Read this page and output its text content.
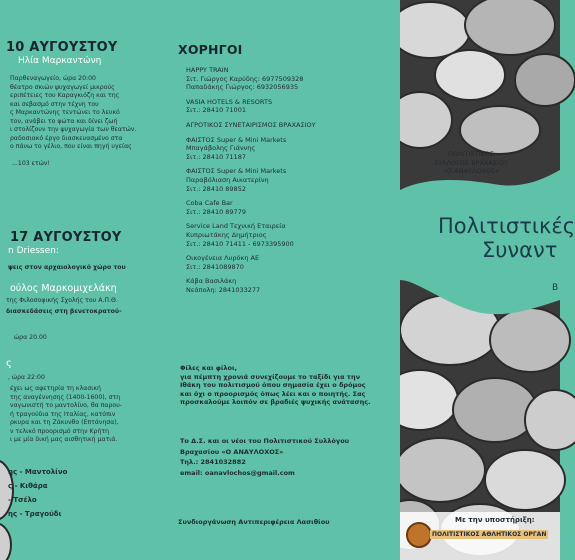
10 ΑΥΓΟΥΣΤΟΥ
Ηλία Μαρκαντώνη
Παρθεναγωγείο, ώρα 20:00
θέατρο σκιών ψυχαγωγεί μικρούς
εριπέτειες του Καραγκιόζη και της
και σεβασμό στην τέχνη του
ς Μαρκαντώνης τεντώνει το λευκό
τον, ανάβει το φώτα και δίνει ζωή
ι στολίζουν την ψυχαγωγία των θεατών.
ραδοσιακό έργο διασκευασμένο στα
ο πάνω το γέλιο, που είναι πηγή υγείας
...103 ετών!
17 ΑΥΓΟΥΣΤΟΥ
n Driessen:
ψεις στον αρχαιολογικό χώρο του
ούλος Μαρκομιχελάκη
της Φιλοσοφικής Σχολής του Α.Π.Θ.
διασκεδάσεις στη βενετοκρατού-
ώρα 20.00
ς
, ώρα 22:00
έχει ως αφετηρία τη κλασική
της αναγέννησης (1400-1600), στη
ναγωνιστή το μαντολίνο, θα παρου-
ή τραγούδια της Ιταλίας, κατόπιν
ρκυρα και τη Ζάκυνθο (Επτάνησα),
ν τελικό προορισμό στην Κρήτη
ι με μία δική μας αισθητική ματιά.
ης - Μαντολίνο
ς - Κιθάρα
- Τσέλο
ης - Τραγούδι
ΧΟΡΗΓΟΙ
HAPPY TRAIN
Σιτ. Γιώργος Καρύδης: 6977509328
Παπαδάκης Γιώργος: 6932056935
VASIA HOTELS & RESORTS
Σιτ.: 28410 71001
ΑΓΡΟΤΙΚΟΣ ΣΥΝΕΤΑΙΡΙΣΜΟΣ ΒΡΑΧΑΣΙΟΥ
ΦΑΙΣΤΟΣ Super & Mini Markets
Μπαγάβολης Γιάννης
Σιτ.: 28410 71187
ΦΑΙΣΤΟΣ Super & Mini Markets
Παραβόλιαση Αικατερίνη
Σιτ.: 28410 89852
Coba Cafe Bar
Σιτ.: 28410 89779
Service Land Τεχνική Εταιρεία
Κυπριωτάκης Δημήτριος
Σιτ.: 28410 71411 - 6973395900
Οικογένεια Λυρόκη ΑΕ
Σιτ.: 2841089870
Κάβα Βασιλάκη
Νεάπολη: 2841033277
Φίλες και φίλοι,
για πέμπτη χρονιά συνεχίζουμε το ταξίδι για την
Ιθάκη του πολιτισμού όπου σημασία έχει ο δρόμος
και όχι ο προορισμός όπως λέει και ο ποιητής. Σας
προσκαλούμε λοιπόν σε βραδιές ψυχικής ανάτασης.
Το Δ.Σ. και οι νέοι του Πολιτιστικού Συλλόγου
Βραχασίου «Ο ΑΝΑΥΛΟΧΟΣ»
Τηλ.: 2841032882
email: oanavlochos@gmail.com
Συνδιοργάνωση Αντιπεριφέρεια Λασιθίου
ΠΟΛΙΤΙΣΤΙΚΟΣ
ΣΥΛΛΟΓΟΣ ΒΡΑΧΑΣΙΟΥ
«Ο ΑΝΑΥΛΟΧΟΣ»
Πολιτιστικές
Συναντ
Β
Με την υποστήριξη:
ΠΟΛΙΤΙΣΤΙΚΟΣ ΑΘΛΗΤΙΚΟΣ ΟΡΓΑΝ
